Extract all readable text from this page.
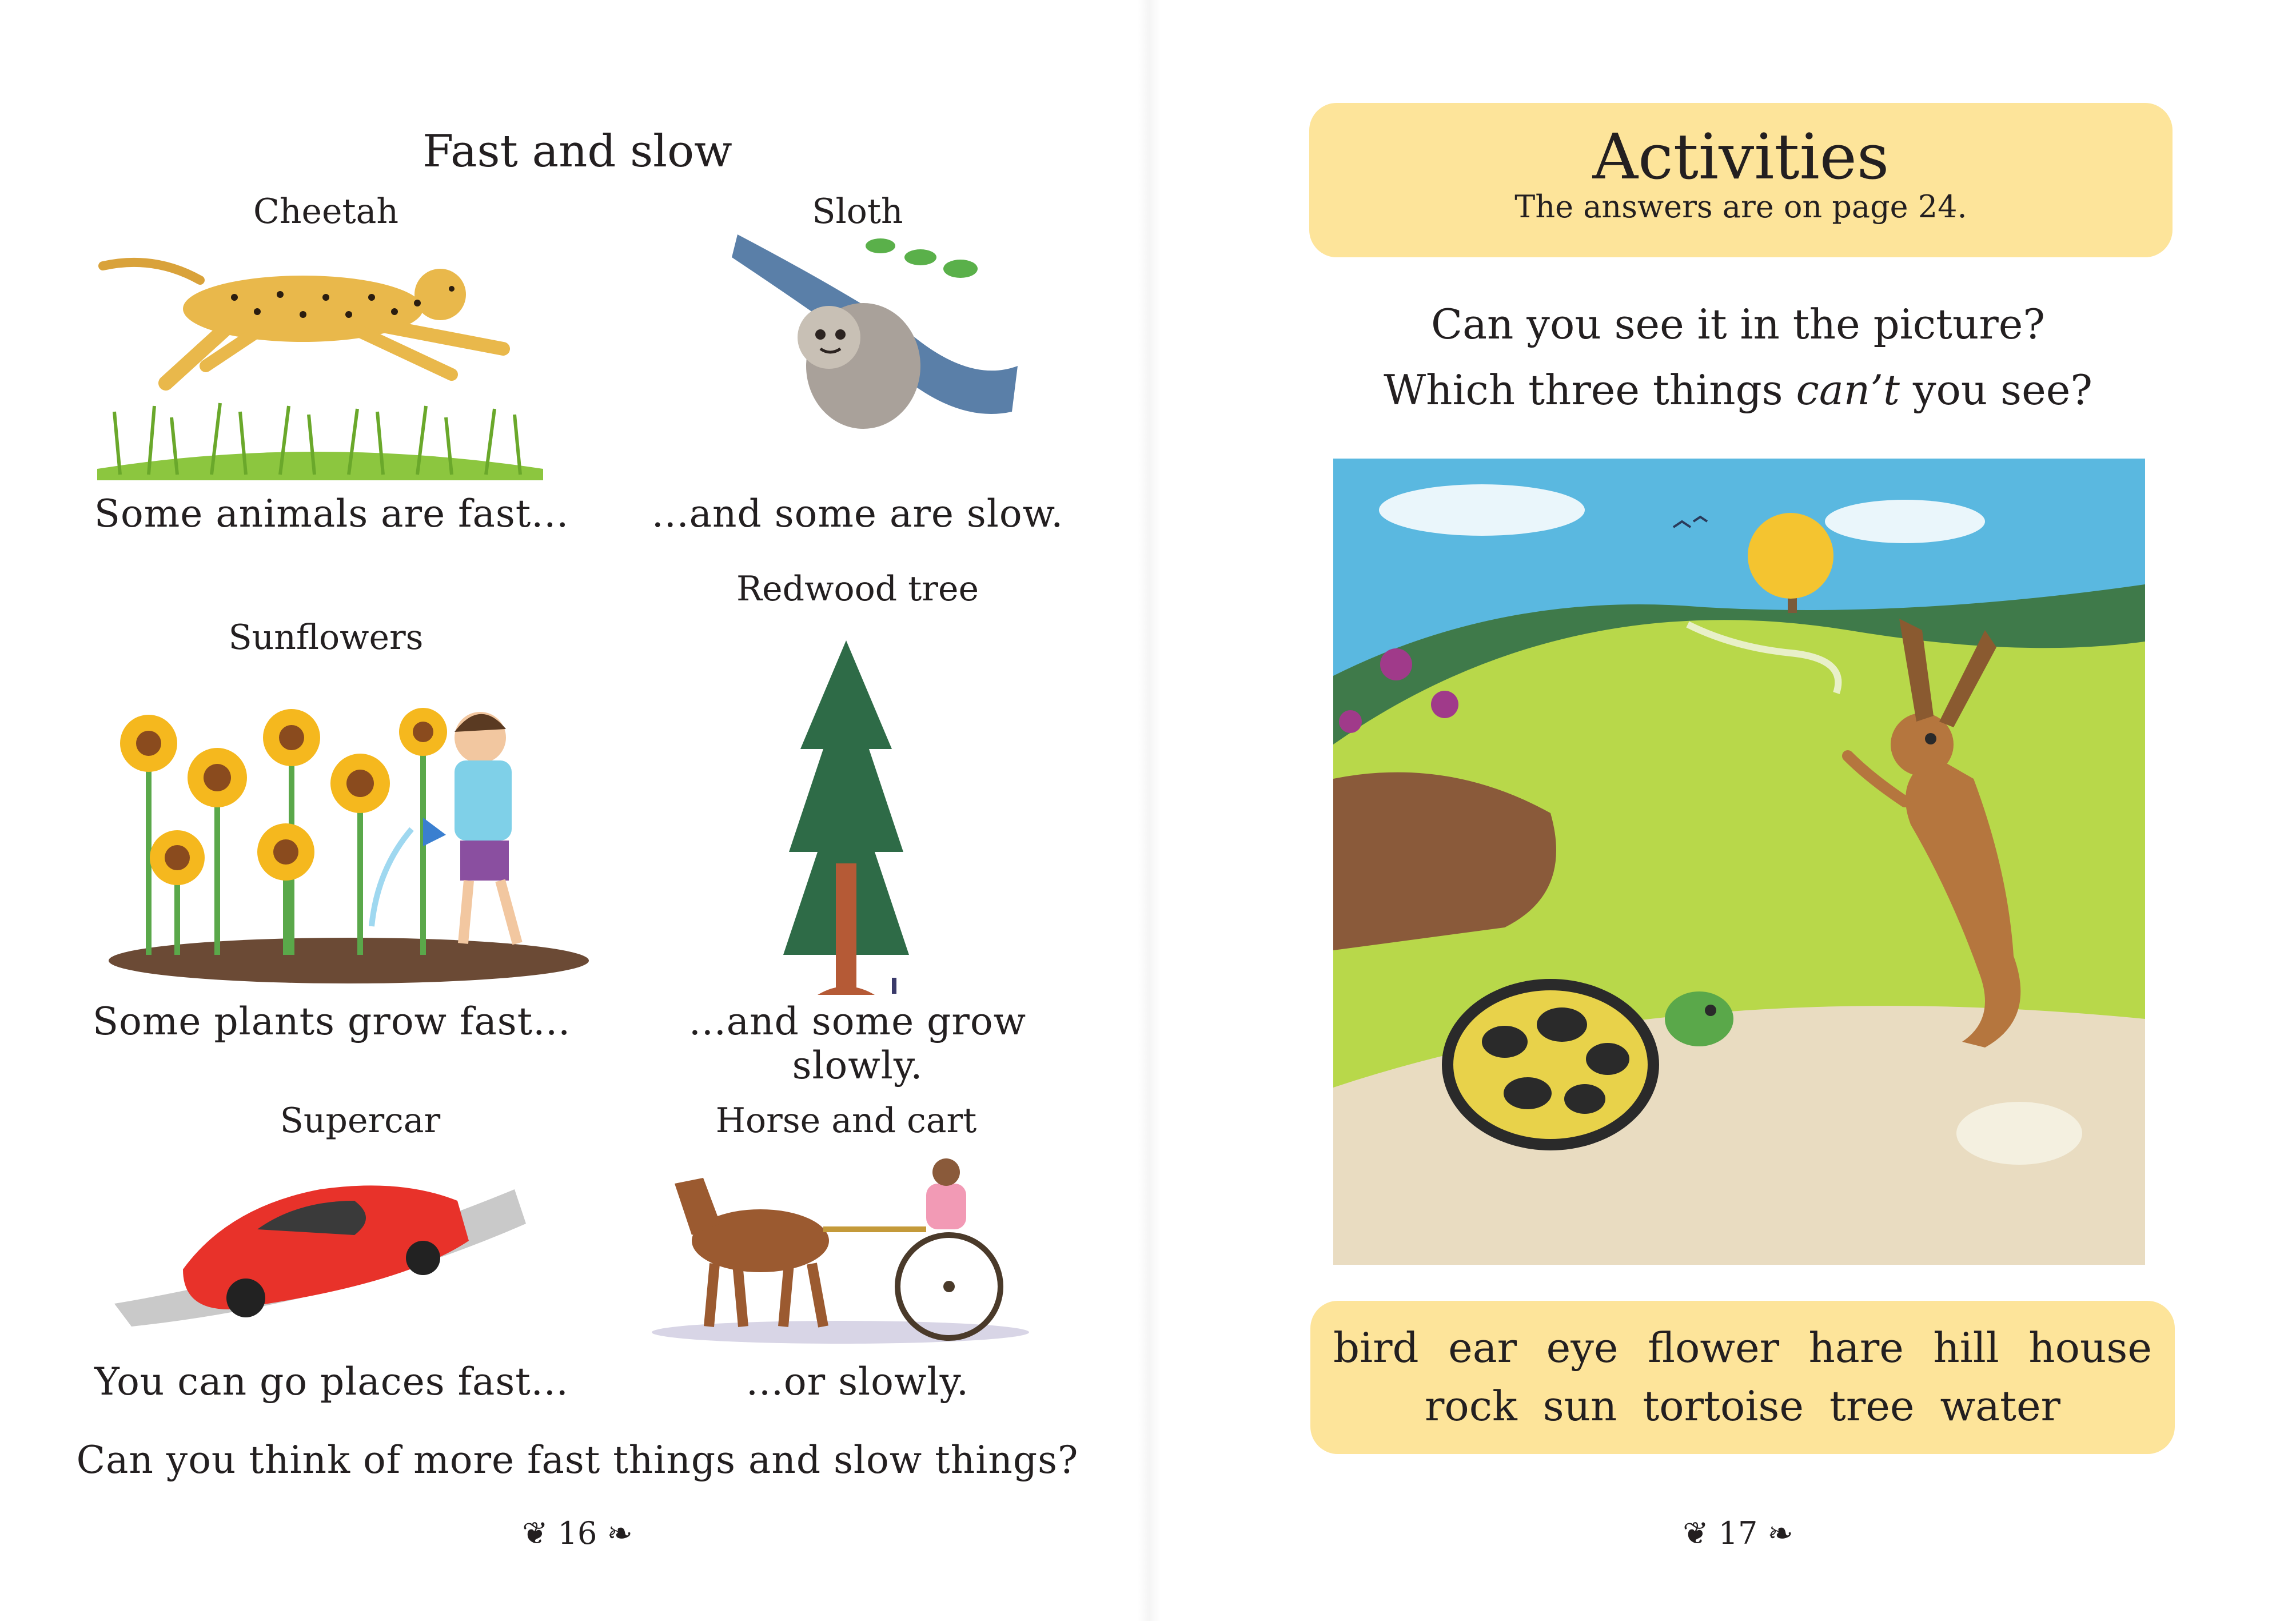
Fast and slow
Cheetah	Sloth
Some animals are fast...	...and some are slow.
Redwood tree
Sunflowers
Some plants grow fast...	...and some grow slowly.
Supercar	Horse and cart
You can go places fast...	...or slowly.
Can you think of more fast things and slow things?
❦ 16 ❧
Activities
The answers are on page 24.
Can you see it in the picture?
Which three things can’t you see?
bird ear eye flower hare hill house
rock sun tortoise tree water
❦ 17 ❧
